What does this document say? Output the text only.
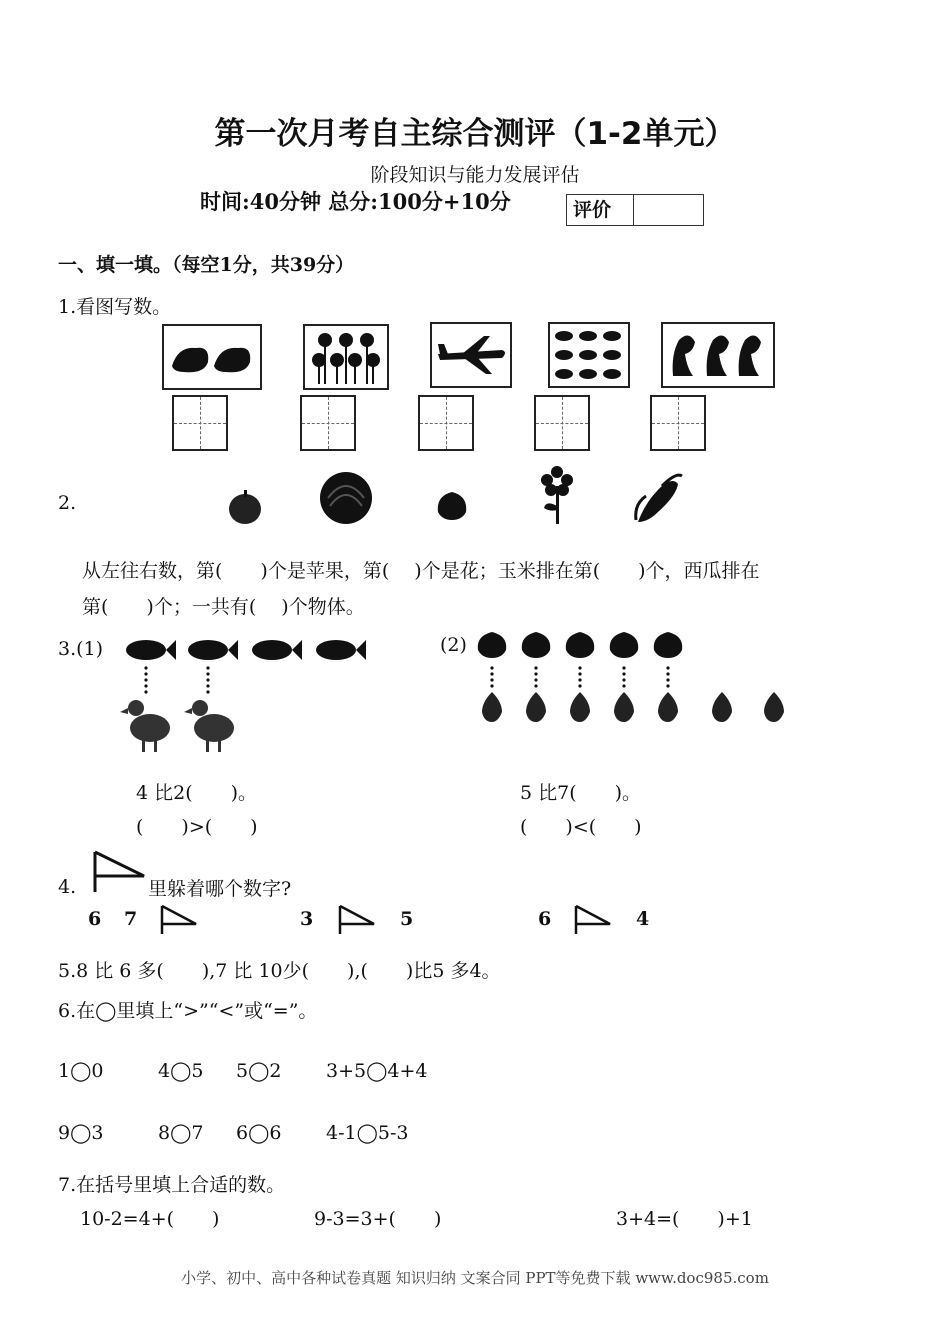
第一次月考自主综合测评（1-2单元）
阶段知识与能力发展评估
时间:40分钟 总分:100分+10分	评价
一、填一填。（每空1分，共39分）
1.看图写数。
2.
从左往右数，第(　　)个是苹果，第(　 )个是花；玉米排在第(　　)个，西瓜排在
第(　　)个；一共有(　 )个物体。
3.(1)	(2)
4 比2(　　)。
(　　)>(　　)
5 比7(　　)。
(　　)<(　　)
4.	里躲着哪个数字?
6 7	3	5	6	4
5.8 比 6 多(　　),7 比 10少(　　),(　　)比5 多4。
6.在◯里填上“>”“<”或“=”。
1◯0	4◯5 5◯2 3+5◯4+4
9◯3	8◯7 6◯6 4-1◯5-3
7.在括号里填上合适的数。
10-2=4+(　　)	9-3=3+(　　)	3+4=(　　)+1
小学、初中、高中各种试卷真题 知识归纳 文案合同 PPT等免费下载 www.doc985.com
